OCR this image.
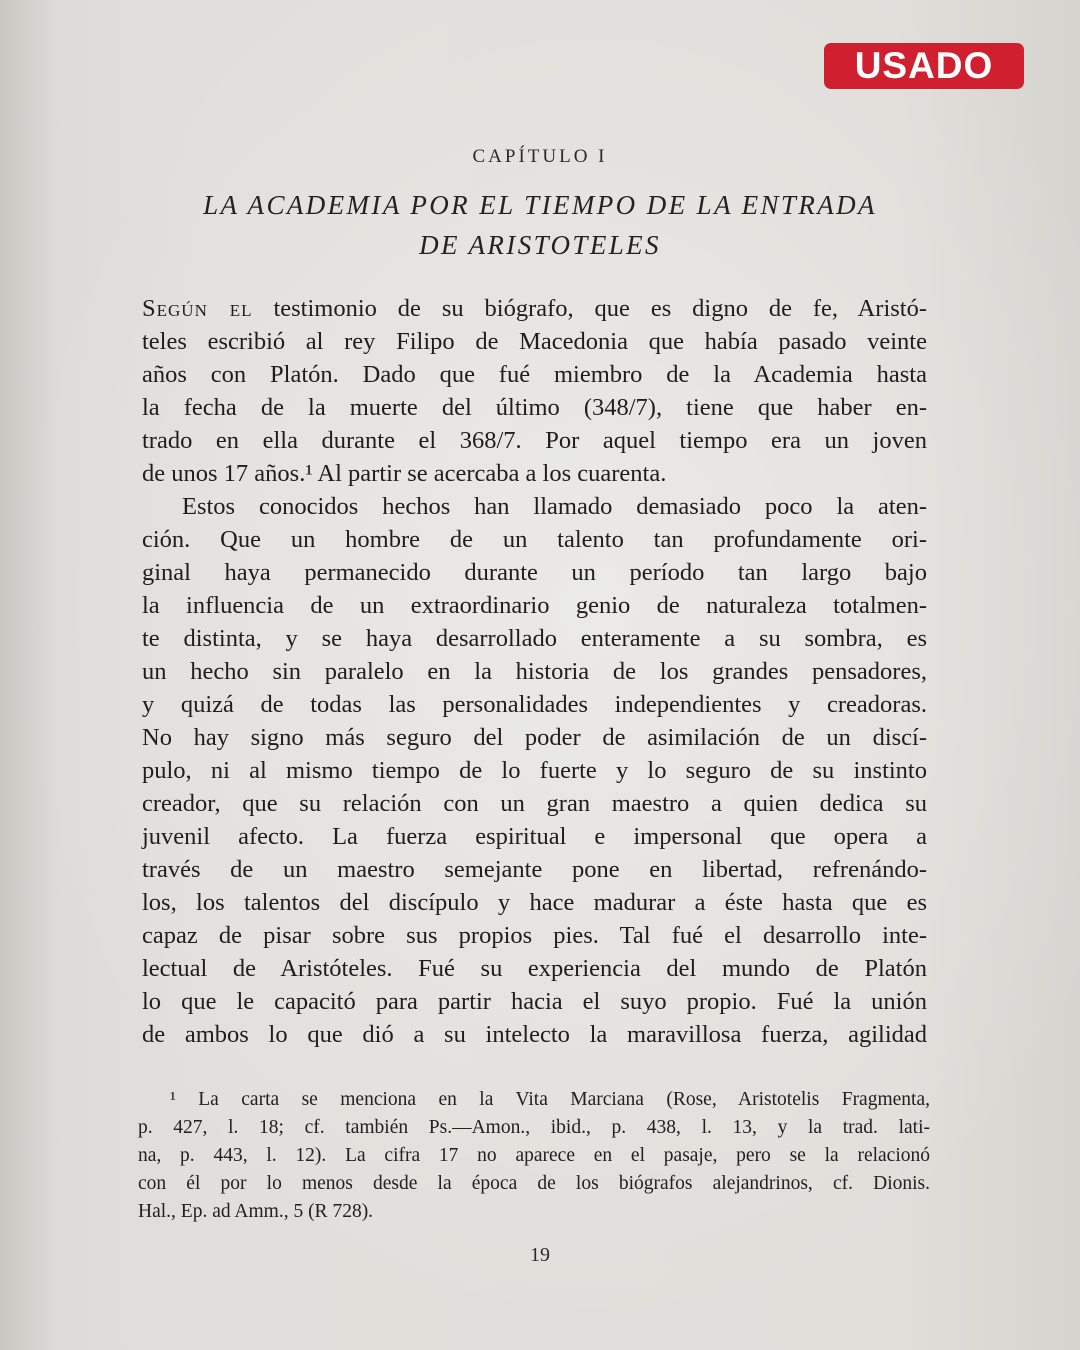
USADO
CAPÍTULO I
LA ACADEMIA POR EL TIEMPO DE LA ENTRADA
DE ARISTOTELES
Según el testimonio de su biógrafo, que es digno de fe, Aristó-
teles escribió al rey Filipo de Macedonia que había pasado veinte
años con Platón. Dado que fué miembro de la Academia hasta
la fecha de la muerte del último (348/7), tiene que haber en-
trado en ella durante el 368/7. Por aquel tiempo era un joven
de unos 17 años.¹ Al partir se acercaba a los cuarenta.
Estos conocidos hechos han llamado demasiado poco la aten-
ción. Que un hombre de un talento tan profundamente ori-
ginal haya permanecido durante un período tan largo bajo
la influencia de un extraordinario genio de naturaleza totalmen-
te distinta, y se haya desarrollado enteramente a su sombra, es
un hecho sin paralelo en la historia de los grandes pensadores,
y quizá de todas las personalidades independientes y creadoras.
No hay signo más seguro del poder de asimilación de un discí-
pulo, ni al mismo tiempo de lo fuerte y lo seguro de su instinto
creador, que su relación con un gran maestro a quien dedica su
juvenil afecto. La fuerza espiritual e impersonal que opera a
través de un maestro semejante pone en libertad, refrenándo-
los, los talentos del discípulo y hace madurar a éste hasta que es
capaz de pisar sobre sus propios pies. Tal fué el desarrollo inte-
lectual de Aristóteles. Fué su experiencia del mundo de Platón
lo que le capacitó para partir hacia el suyo propio. Fué la unión
de ambos lo que dió a su intelecto la maravillosa fuerza, agilidad
¹ La carta se menciona en la Vita Marciana (Rose, Aristotelis Fragmenta,
p. 427, l. 18; cf. también Ps.—Amon., ibid., p. 438, l. 13, y la trad. lati-
na, p. 443, l. 12). La cifra 17 no aparece en el pasaje, pero se la relacionó
con él por lo menos desde la época de los biógrafos alejandrinos, cf. Dionis.
Hal., Ep. ad Amm., 5 (R 728).
19
